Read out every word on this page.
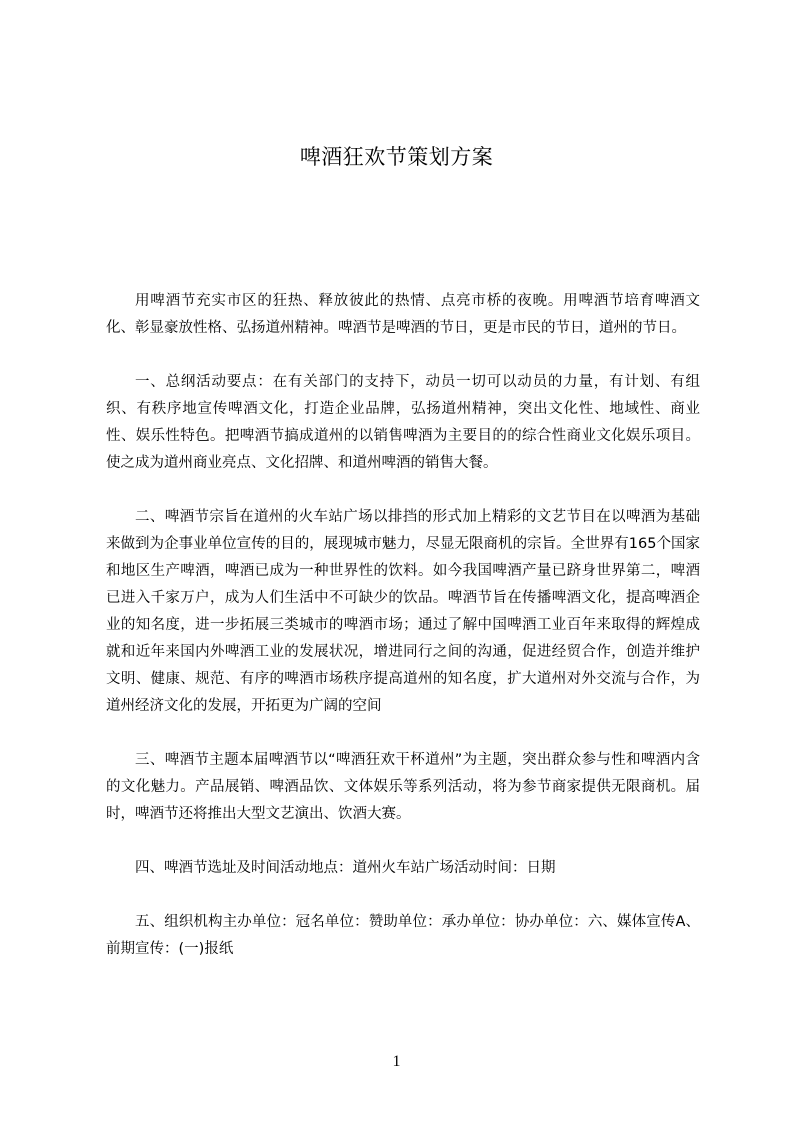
啤酒狂欢节策划方案

用啤酒节充实市区的狂热、释放彼此的热情、点亮市桥的夜晚。用啤酒节培育啤酒文化、彰显豪放性格、弘扬道州精神。啤酒节是啤酒的节日，更是市民的节日，道州的节日。

一、总纲活动要点：在有关部门的支持下，动员一切可以动员的力量，有计划、有组织、有秩序地宣传啤酒文化，打造企业品牌，弘扬道州精神，突出文化性、地域性、商业性、娱乐性特色。把啤酒节搞成道州的以销售啤酒为主要目的的综合性商业文化娱乐项目。使之成为道州商业亮点、文化招牌、和道州啤酒的销售大餐。

二、啤酒节宗旨在道州的火车站广场以排挡的形式加上精彩的文艺节目在以啤酒为基础来做到为企事业单位宣传的目的，展现城市魅力，尽显无限商机的宗旨。全世界有165个国家和地区生产啤酒，啤酒已成为一种世界性的饮料。如今我国啤酒产量已跻身世界第二，啤酒已进入千家万户，成为人们生活中不可缺少的饮品。啤酒节旨在传播啤酒文化，提高啤酒企业的知名度，进一步拓展三类城市的啤酒市场；通过了解中国啤酒工业百年来取得的辉煌成就和近年来国内外啤酒工业的发展状况，增进同行之间的沟通，促进经贸合作，创造并维护文明、健康、规范、有序的啤酒市场秩序提高道州的知名度，扩大道州对外交流与合作，为道州经济文化的发展，开拓更为广阔的空间

三、啤酒节主题本届啤酒节以“啤酒狂欢干杯道州”为主题，突出群众参与性和啤酒内含的文化魅力。产品展销、啤酒品饮、文体娱乐等系列活动，将为参节商家提供无限商机。届时，啤酒节还将推出大型文艺演出、饮酒大赛。

四、啤酒节选址及时间活动地点：道州火车站广场活动时间：日期

五、组织机构主办单位：冠名单位：赞助单位：承办单位：协办单位：六、媒体宣传A、前期宣传：(一)报纸

1
